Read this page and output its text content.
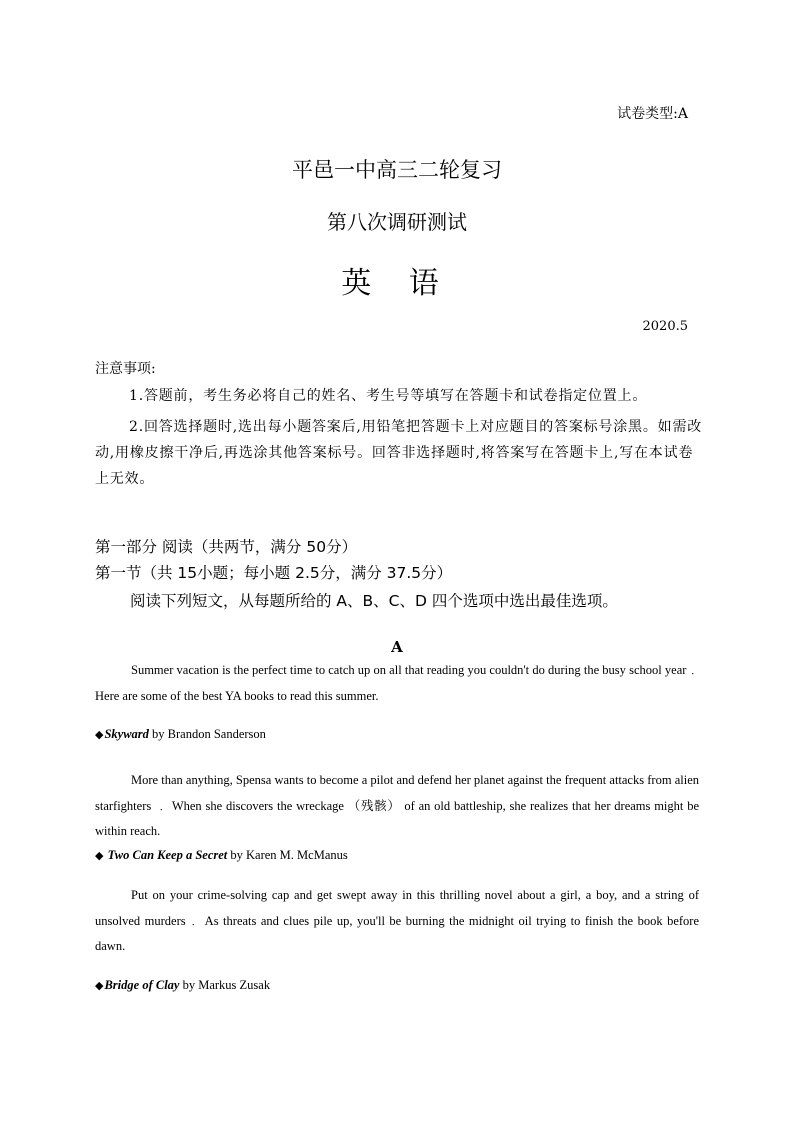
试卷类型:A
平邑一中高三二轮复习
第八次调研测试
英 语
2020.5
注意事项:
1.答题前，考生务必将自己的姓名、考生号等填写在答题卡和试卷指定位置上。
2.回答选择题时,选出每小题答案后,用铅笔把答题卡上对应题目的答案标号涂黑。如需改动,用橡皮擦干净后,再选涂其他答案标号。回答非选择题时,将答案写在答题卡上,写在本试卷上无效。
第一部分 阅读（共两节，满分 50分）
第一节（共 15小题；每小题 2.5分，满分 37.5分）
阅读下列短文，从每题所给的 A、B、C、D 四个选项中选出最佳选项。
A
Summer vacation is the perfect time to catch up on all that reading you couldn't do during the busy school year﹒ Here are some of the best YA books to read this summer.
◆Skyward by Brandon Sanderson
More than anything, Spensa wants to become a pilot and defend her planet against the frequent attacks from alien starfighters ﹒ When she discovers the wreckage （残骸） of an old battleship, she realizes that her dreams might be within reach.
◆ Two Can Keep a Secret by Karen M. McManus
Put on your crime-solving cap and get swept away in this thrilling novel about a girl, a boy, and a string of unsolved murders﹒ As threats and clues pile up, you'll be burning the midnight oil trying to finish the book before dawn.
◆Bridge of Clay by Markus Zusak
